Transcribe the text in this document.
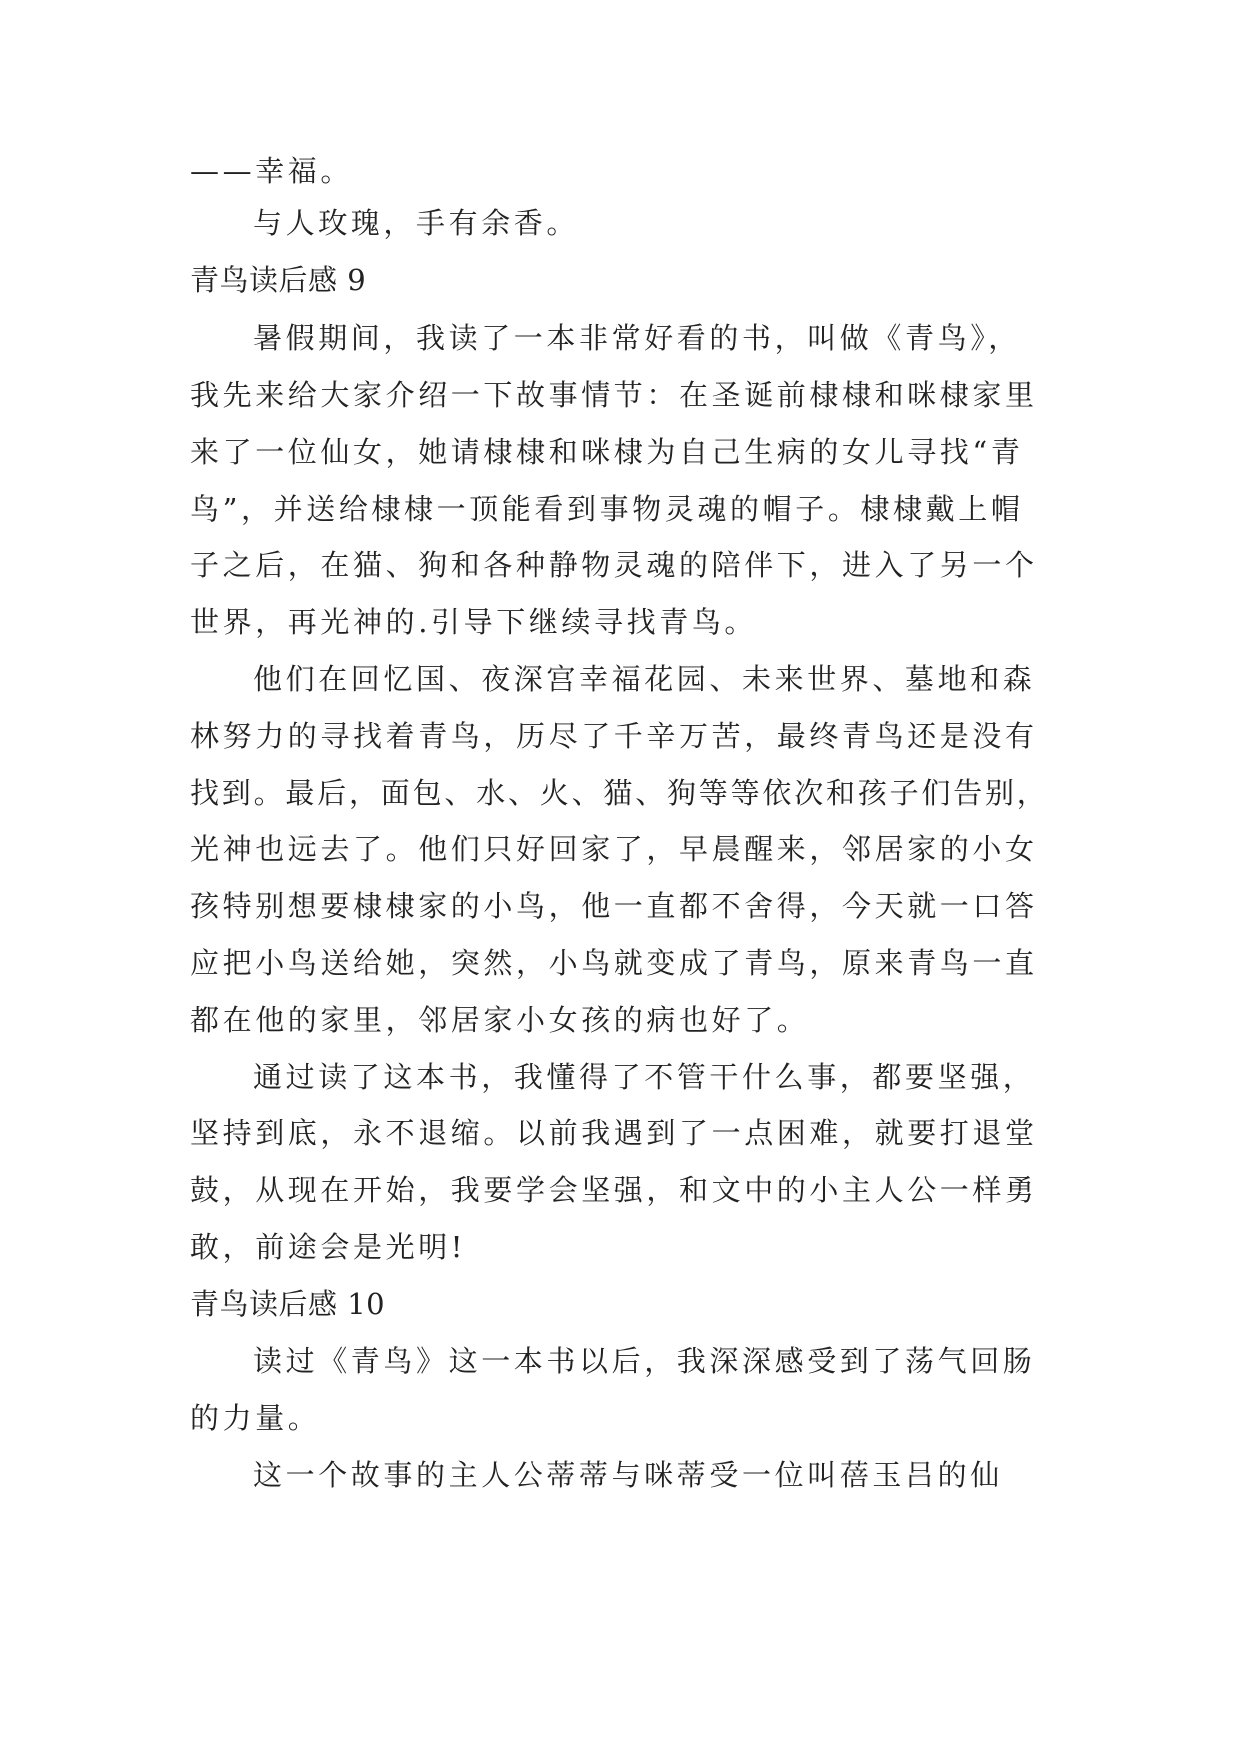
——幸福。
与人玫瑰，手有余香。
青鸟读后感 9
暑假期间，我读了一本非常好看的书，叫做《青鸟》，
我先来给大家介绍一下故事情节：在圣诞前棣棣和咪棣家里
来了一位仙女，她请棣棣和咪棣为自己生病的女儿寻找“青
鸟”，并送给棣棣一顶能看到事物灵魂的帽子。棣棣戴上帽
子之后，在猫、狗和各种静物灵魂的陪伴下，进入了另一个
世界，再光神的.引导下继续寻找青鸟。
他们在回忆国、夜深宫幸福花园、未来世界、墓地和森
林努力的寻找着青鸟，历尽了千辛万苦，最终青鸟还是没有
找到。最后，面包、水、火、猫、狗等等依次和孩子们告别，
光神也远去了。他们只好回家了，早晨醒来，邻居家的小女
孩特别想要棣棣家的小鸟，他一直都不舍得，今天就一口答
应把小鸟送给她，突然，小鸟就变成了青鸟，原来青鸟一直
都在他的家里，邻居家小女孩的病也好了。
通过读了这本书，我懂得了不管干什么事，都要坚强，
坚持到底，永不退缩。以前我遇到了一点困难，就要打退堂
鼓，从现在开始，我要学会坚强，和文中的小主人公一样勇
敢，前途会是光明!
青鸟读后感 10
读过《青鸟》这一本书以后，我深深感受到了荡气回肠
的力量。
这一个故事的主人公蒂蒂与咪蒂受一位叫蓓玉吕的仙
